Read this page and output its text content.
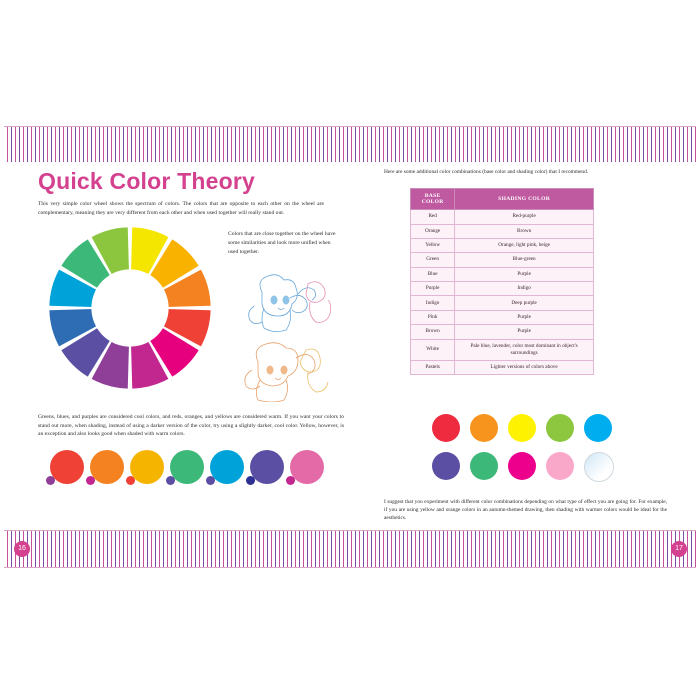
16	17
Quick Color Theory
This very simple color wheel shows the spectrum of colors. The colors that are opposite to each other on the wheel are complementary, meaning they are very different from each other and when used together will really stand out.
Colors that are close together on the wheel have some similarities and look more unified when used together.
Greens, blues, and purples are considered cool colors, and reds, oranges, and yellows are considered warm. If you want your colors to stand out more, when shading, instead of using a darker version of the color, try using a slightly darker, cool color. Yellow, however, is an exception and also looks good when shaded with warm colors.
Here are some additional color combinations (base color and shading color) that I recommend.
BASE COLOR	SHADING COLOR
Red	Red-purple
Orange	Brown
Yellow	Orange, light pink, beige
Green	Blue-green
Blue	Purple
Purple	Indigo
Indigo	Deep purple
Pink	Purple
Brown	Purple
White	Pale blue, lavender, color most dominant in object's surroundings
Pastels	Lighter versions of colors above
I suggest that you experiment with different color combinations depending on what type of effect you are going for. For example, if you are using yellow and orange colors in an autumn-themed drawing, then shading with warmer colors would be ideal for the aesthetics.
